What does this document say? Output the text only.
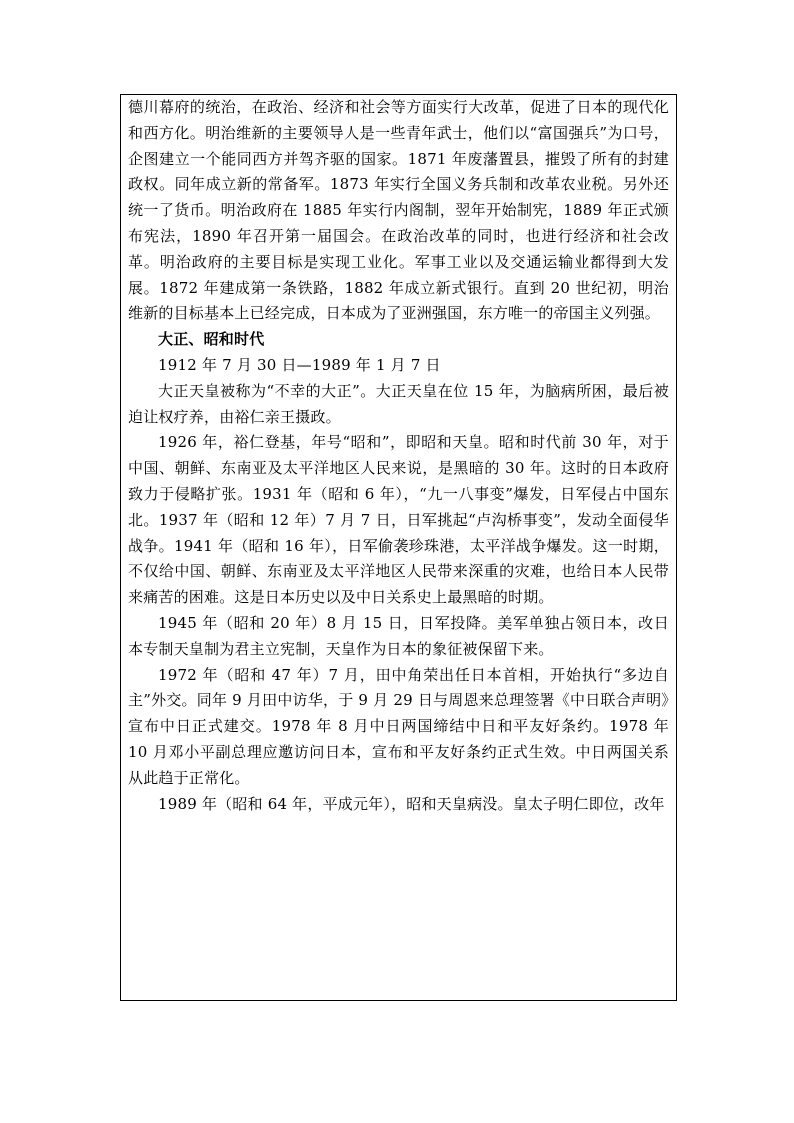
德川幕府的统治，在政治、经济和社会等方面实行大改革，促进了日本的现代化和西方化。明治维新的主要领导人是一些青年武士，他们以“富国强兵”为口号，企图建立一个能同西方并驾齐驱的国家。1871 年废藩置县，摧毁了所有的封建政权。同年成立新的常备军。1873 年实行全国义务兵制和改革农业税。另外还统一了货币。明治政府在 1885 年实行内阁制，翌年开始制宪，1889 年正式颁布宪法，1890 年召开第一届国会。在政治改革的同时，也进行经济和社会改革。明治政府的主要目标是实现工业化。军事工业以及交通运输业都得到大发展。1872 年建成第一条铁路，1882 年成立新式银行。直到 20 世纪初，明治维新的目标基本上已经完成，日本成为了亚洲强国，东方唯一的帝国主义列强。

大正、昭和时代

1912 年 7 月 30 日—1989 年 1 月 7 日

大正天皇被称为“不幸的大正”。大正天皇在位 15 年，为脑病所困，最后被迫让权疗养，由裕仁亲王摄政。

1926 年，裕仁登基，年号“昭和”，即昭和天皇。昭和时代前 30 年，对于中国、朝鲜、东南亚及太平洋地区人民来说，是黑暗的 30 年。这时的日本政府致力于侵略扩张。1931 年（昭和 6 年），“九一八事变”爆发，日军侵占中国东北。1937 年（昭和 12 年）7 月 7 日，日军挑起“卢沟桥事变”，发动全面侵华战争。1941 年（昭和 16 年），日军偷袭珍珠港，太平洋战争爆发。这一时期，不仅给中国、朝鲜、东南亚及太平洋地区人民带来深重的灾难，也给日本人民带来痛苦的困难。这是日本历史以及中日关系史上最黑暗的时期。

1945 年（昭和 20 年）8 月 15 日，日军投降。美军单独占领日本，改日本专制天皇制为君主立宪制，天皇作为日本的象征被保留下来。

1972 年（昭和 47 年）7 月，田中角荣出任日本首相，开始执行“多边自主”外交。同年 9 月田中访华，于 9 月 29 日与周恩来总理签署《中日联合声明》宣布中日正式建交。1978 年 8 月中日两国缔结中日和平友好条约。1978 年 10 月邓小平副总理应邀访问日本，宣布和平友好条约正式生效。中日两国关系从此趋于正常化。

1989 年（昭和 64 年，平成元年），昭和天皇病没。皇太子明仁即位，改年
